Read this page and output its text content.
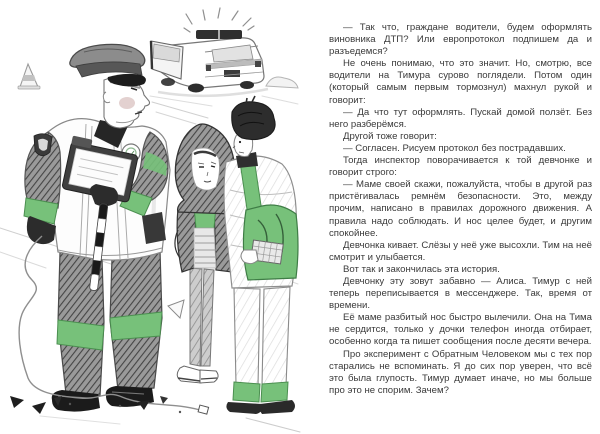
— Так что, граждане водители, будем оформлять виновника ДТП? Или европротокол подпишем да и разъедемся?

Не очень понимаю, что это значит. Но, смотрю, все водители на Тимура сурово поглядели. Потом один (который самым первым тормознул) махнул рукой и говорит:

— Да что тут оформлять. Пускай домой ползёт. Без него разберёмся.

Другой тоже говорит:

— Согласен. Рисуем протокол без пострадавших.

Тогда инспектор поворачивается к той девчонке и говорит строго:

— Маме своей скажи, пожалуйста, чтобы в другой раз пристёгивалась ремнём безопасности. Это, между прочим, написано в правилах дорожного движения. А правила надо соблюдать. И нос целее будет, и другим спокойнее.

Девчонка кивает. Слёзы у неё уже высохли. Тим на неё смотрит и улыбается.

Вот так и закончилась эта история.

Девчонку эту зовут забавно — Алиса. Тимур с ней теперь переписывается в мессенджере. Так, время от времени.

Её маме разбитый нос быстро вылечили. Она на Тима не сердится, только у дочки телефон иногда отбирает, особенно когда та пишет сообщения после десяти вечера.

Про эксперимент с Обратным Человеком мы с тех пор старались не вспоминать. Я до сих пор уверен, что всё это была глупость. Тимур думает иначе, но мы больше про это не спорим. Зачем?
